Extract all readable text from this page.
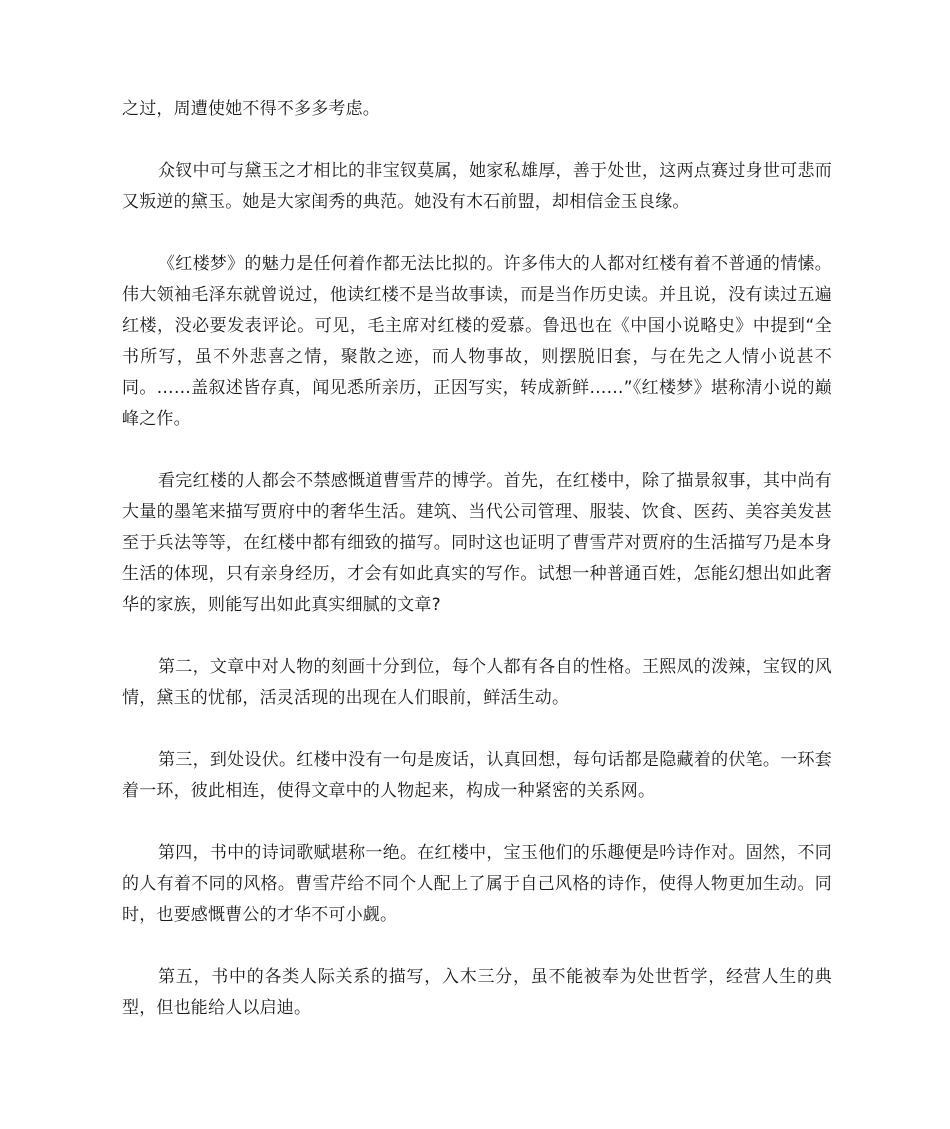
之过，周遭使她不得不多多考虑。

众钗中可与黛玉之才相比的非宝钗莫属，她家私雄厚，善于处世，这两点赛过身世可悲而又叛逆的黛玉。她是大家闺秀的典范。她没有木石前盟，却相信金玉良缘。

《红楼梦》的魅力是任何着作都无法比拟的。许多伟大的人都对红楼有着不普通的情愫。伟大领袖毛泽东就曾说过，他读红楼不是当故事读，而是当作历史读。并且说，没有读过五遍红楼，没必要发表评论。可见，毛主席对红楼的爱慕。鲁迅也在《中国小说略史》中提到“全书所写，虽不外悲喜之情，聚散之迹，而人物事故，则摆脱旧套，与在先之人情小说甚不同。……盖叙述皆存真，闻见悉所亲历，正因写实，转成新鲜……”《红楼梦》堪称清小说的巅峰之作。

看完红楼的人都会不禁感慨道曹雪芹的博学。首先，在红楼中，除了描景叙事，其中尚有大量的墨笔来描写贾府中的奢华生活。建筑、当代公司管理、服装、饮食、医药、美容美发甚至于兵法等等，在红楼中都有细致的描写。同时这也证明了曹雪芹对贾府的生活描写乃是本身生活的体现，只有亲身经历，才会有如此真实的写作。试想一种普通百姓，怎能幻想出如此奢华的家族，则能写出如此真实细腻的文章?

第二，文章中对人物的刻画十分到位，每个人都有各自的性格。王熙凤的泼辣，宝钗的风情，黛玉的忧郁，活灵活现的出现在人们眼前，鲜活生动。

第三，到处设伏。红楼中没有一句是废话，认真回想，每句话都是隐藏着的伏笔。一环套着一环，彼此相连，使得文章中的人物起来，构成一种紧密的关系网。

第四，书中的诗词歌赋堪称一绝。在红楼中，宝玉他们的乐趣便是吟诗作对。固然，不同的人有着不同的风格。曹雪芹给不同个人配上了属于自己风格的诗作，使得人物更加生动。同时，也要感慨曹公的才华不可小觑。

第五，书中的各类人际关系的描写，入木三分，虽不能被奉为处世哲学，经营人生的典型，但也能给人以启迪。
